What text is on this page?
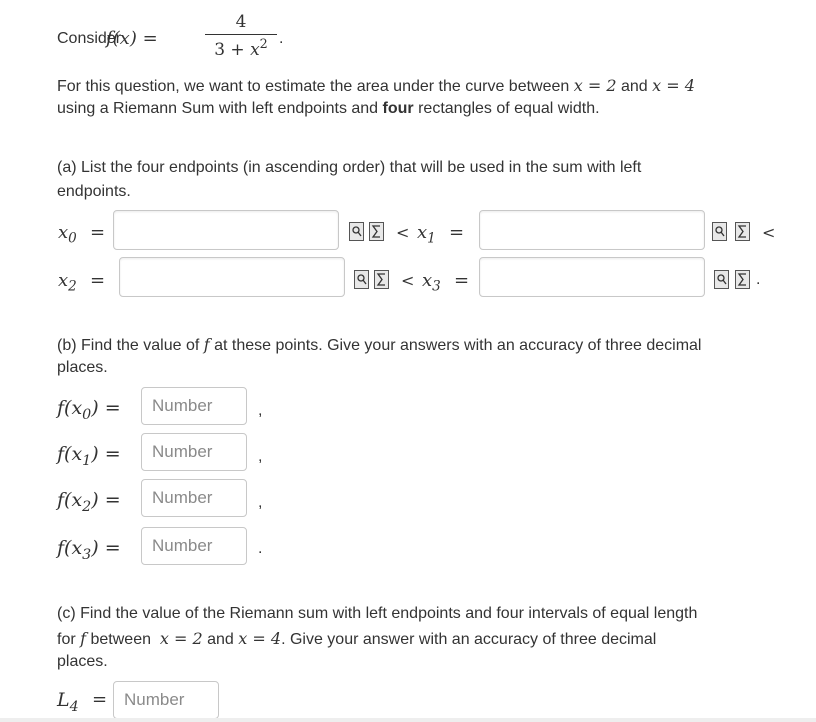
Consider
f(x) =
4
$3 + x^2$ .
For this question, we want to estimate the area under the curve between x = 2 and x = 4
using a Riemann Sum with left endpoints and four rectangles of equal width.
(a) List the four endpoints (in ascending order) that will be used in the sum with left
endpoints.
$x_0$ =	< $x_1$ =	<
$x_2$ =	< $x_3$ =	.
(b) Find the value of f at these points. Give your answers with an accuracy of three decimal
places.
$f(x_0)$ =	Number	,
$f(x_1)$ =	Number	,
$f(x_2)$ =	Number	,
$f(x_3)$ =	Number	.
(c) Find the value of the Riemann sum with left endpoints and four intervals of equal length
for f between x = 2 and x = 4. Give your answer with an accuracy of three decimal
places.
$L_4$ = Number
